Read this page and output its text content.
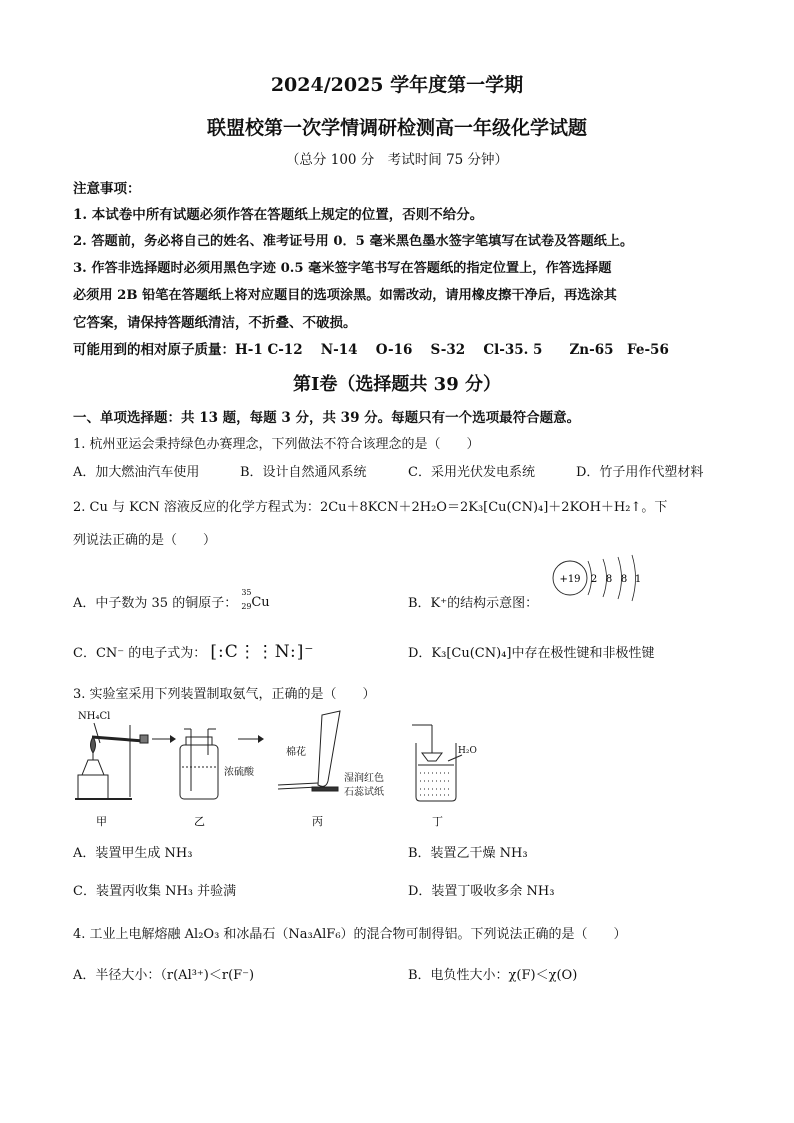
2024/2025 学年度第一学期
联盟校第一次学情调研检测高一年级化学试题
（总分 100 分　考试时间 75 分钟）
注意事项：
1. 本试卷中所有试题必须作答在答题纸上规定的位置，否则不给分。
2. 答题前，务必将自己的姓名、准考证号用 0．5 毫米黑色墨水签字笔填写在试卷及答题纸上。
3. 作答非选择题时必须用黑色字迹 0.5 毫米签字笔书写在答题纸的指定位置上，作答选择题
必须用 2B 铅笔在答题纸上将对应题目的选项涂黑。如需改动，请用橡皮擦干净后，再选涂其
它答案，请保持答题纸清洁，不折叠、不破损。
可能用到的相对原子质量：H-1 C-12　 N-14　 O-16　 S-32　 Cl-35. 5　　Zn-65　Fe-56
第Ⅰ卷（选择题共 39 分）
一、单项选择题：共 13 题，每题 3 分，共 39 分。每题只有一个选项最符合题意。
1. 杭州亚运会秉持绿色办赛理念，下列做法不符合该理念的是（　　）
A．加大燃油汽车使用	B．设计自然通风系统	C．采用光伏发电系统	D．竹子用作代塑材料
2. Cu 与 KCN 溶液反应的化学方程式为：2Cu＋8KCN＋2H₂O＝2K₃[Cu(CN)₄]＋2KOH＋H₂↑。下
列说法正确的是（　　）
A．中子数为 35 的铜原子：
35
29 Cu	B．K⁺的结构示意图：
+19 2 8 8 1
C．CN⁻ 的电子式为： [:C⋮⋮N:]⁻	D．K₃[Cu(CN)₄]中存在极性键和非极性键
3. 实验室采用下列装置制取氨气，正确的是（　　）
NH₄Cl
浓硫酸
棉花
湿润红色
石蕊试纸
H₂O
甲	乙	丙	丁
A．装置甲生成 NH₃	B．装置乙干燥 NH₃
C．装置丙收集 NH₃ 并验满	D．装置丁吸收多余 NH₃
4. 工业上电解熔融 Al₂O₃ 和冰晶石（Na₃AlF₆）的混合物可制得铝。下列说法正确的是（　　）
A．半径大小：（r(Al³⁺)＜r(F⁻)	B．电负性大小：χ(F)＜χ(O)
